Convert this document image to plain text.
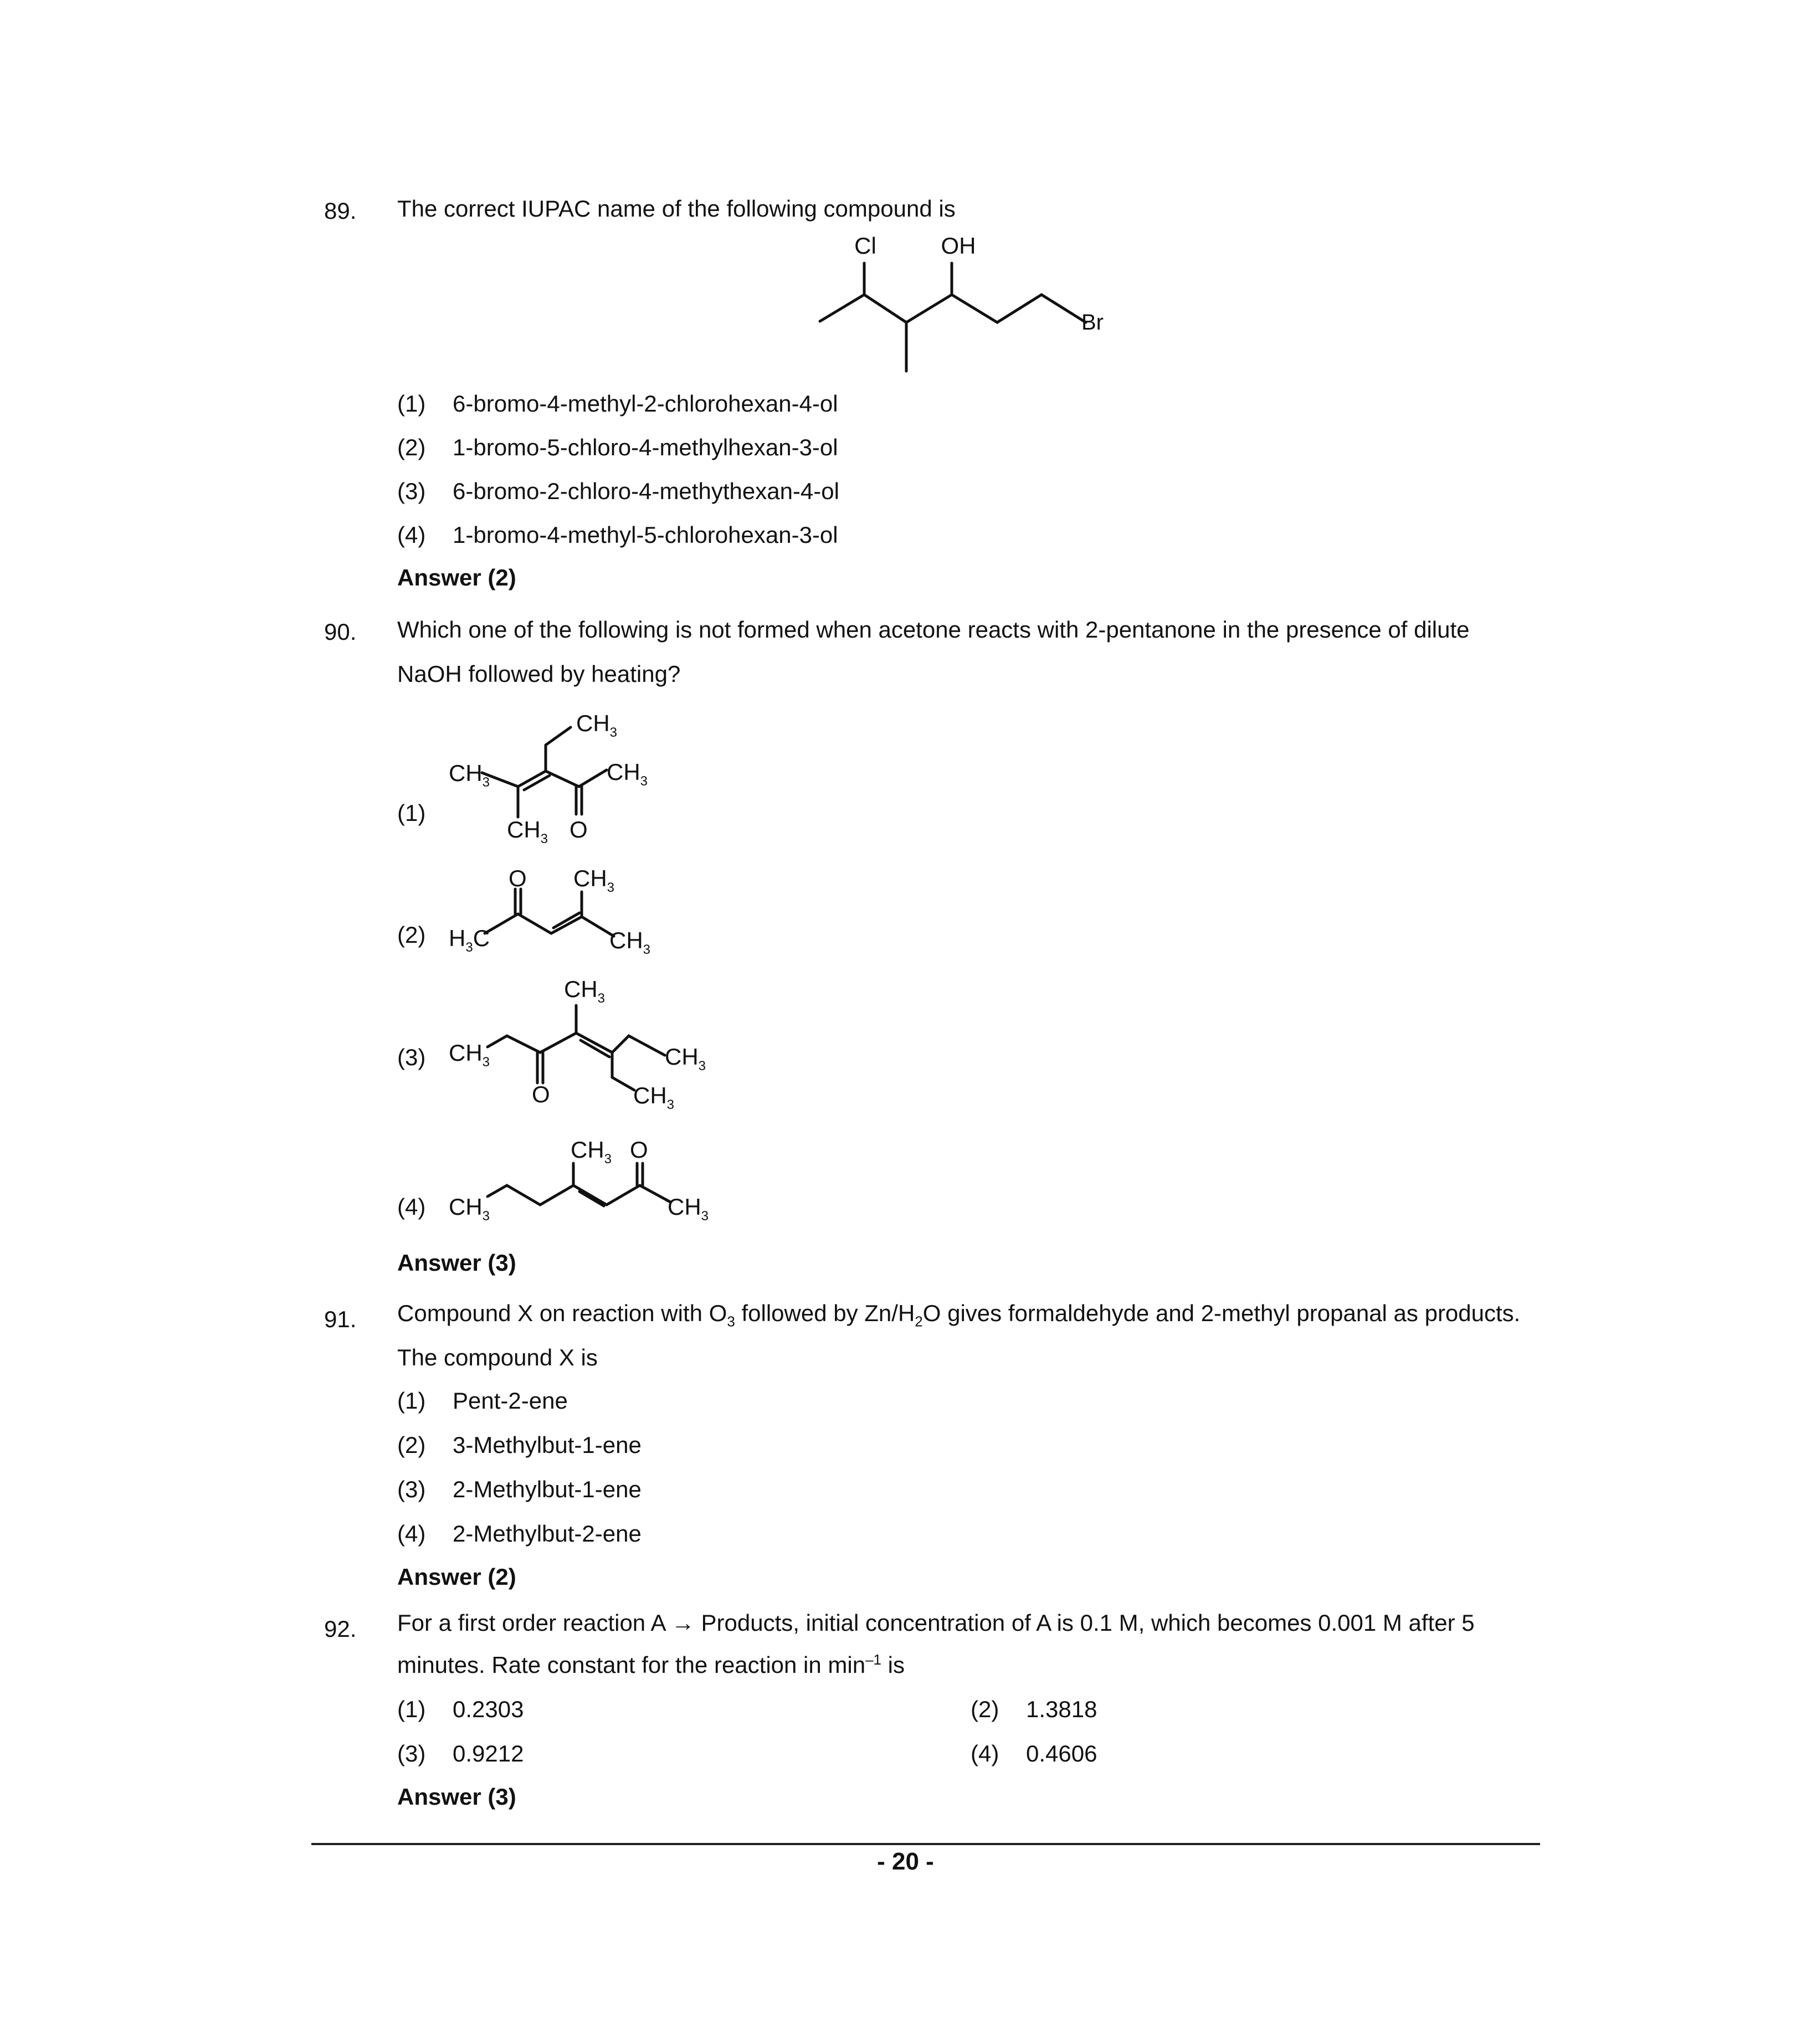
89. The correct IUPAC name of the following compound is
Cl	OH
Br
(1) 6-bromo-4-methyl-2-chlorohexan-4-ol
(2) 1-bromo-5-chloro-4-methylhexan-3-ol
(3) 6-bromo-2-chloro-4-methythexan-4-ol
(4) 1-bromo-4-methyl-5-chlorohexan-3-ol
Answer (2)
90. Which one of the following is not formed when acetone reacts with 2-pentanone in the presence of dilute NaOH followed by heating?
(1)
$CH_3$
$CH_3$	$CH_3$
$CH_3$ O
(2)
O $CH_3$
$H_3C$	$CH_3$
(3)
$CH_3$
$CH_3$	$CH_3$
$CH_3$
O
(4)
$CH_3$ O
$CH_3$	$CH_3$
Answer (3)
91. Compound X on reaction with $O_3$ followed by $Zn/H_2O$ gives formaldehyde and 2-methyl propanal as products.
The compound X is
(1) Pent-2-ene
(2) 3-Methylbut-1-ene
(3) 2-Methylbut-1-ene
(4) 2-Methylbut-2-ene
Answer (2)
92. For a first order reaction A → Products, initial concentration of A is 0.1 M, which becomes 0.001 M after 5 minutes. Rate constant for the reaction in $\min^{-1}$ is
(1) 0.2303	(2) 1.3818
(3) 0.9212	(4) 0.4606
Answer (3)
- 20 -
